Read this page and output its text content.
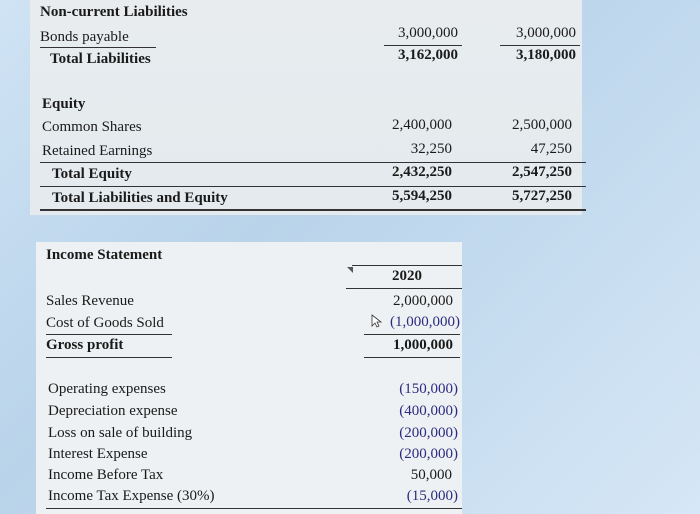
Non-current Liabilities
Bonds payable	3,000,000	3,000,000
Total Liabilities	3,162,000	3,180,000
Equity
Common Shares	2,400,000	2,500,000
Retained Earnings	32,250	47,250
Total Equity	2,432,250	2,547,250
Total Liabilities and Equity	5,594,250	5,727,250
Income Statement
2020
Sales Revenue	2,000,000
Cost of Goods Sold	(1,000,000)
Gross profit	1,000,000
Operating expenses	(150,000)
Depreciation expense	(400,000)
Loss on sale of building	(200,000)
Interest Expense	(200,000)
Income Before Tax	50,000
Income Tax Expense (30%)	(15,000)
